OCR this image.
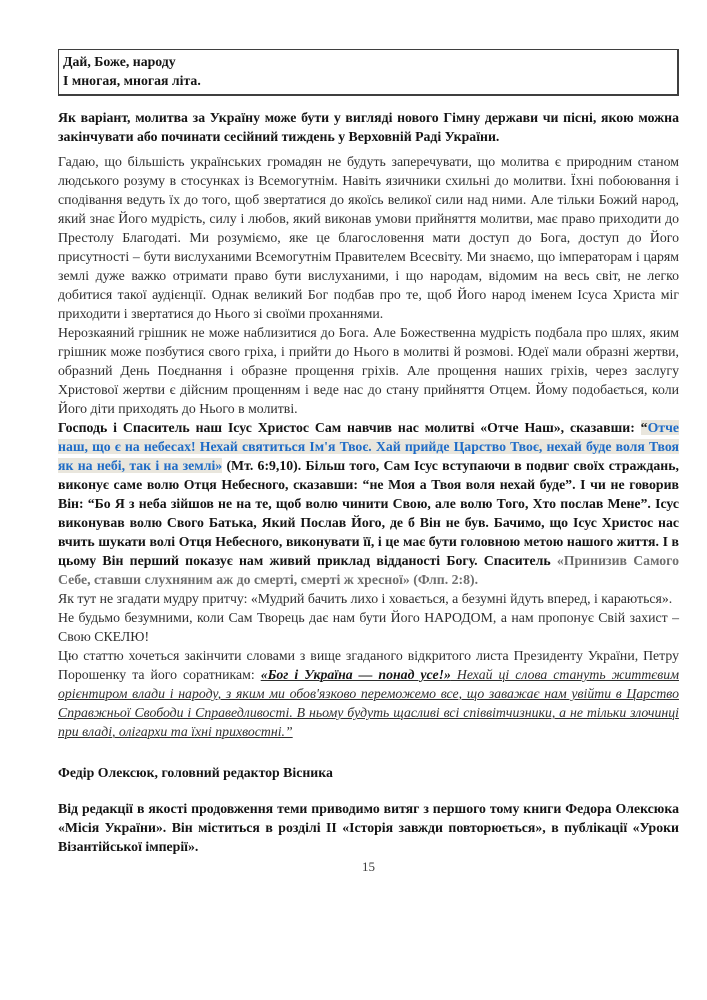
Дай, Боже, народу
І многая, многая літа.

Як варіант, молитва за Україну може бути у вигляді нового Гімну держави чи пісні, якою можна закінчувати або починати сесійний тиждень у Верховній Раді України.

Гадаю, що більшість українських громадян не будуть заперечувати, що молитва є природним станом людського розуму в стосунках із Всемогутнім. Навіть язичники схильні до молитви. Їхні побоювання і сподівання ведуть їх до того, щоб звертатися до якоїсь великої сили над ними. Але тільки Божий народ, який знає Його мудрість, силу і любов, який виконав умови прийняття молитви, має право приходити до Престолу Благодаті. Ми розуміємо, яке це благословення мати доступ до Бога, доступ до Його присутності – бути вислуханими Всемогутнім Правителем Всесвіту. Ми знаємо, що імператорам і царям землі дуже важко отримати право бути вислуханими, і що народам, відомим на весь світ, не легко добитися такої аудієнції. Однак великий Бог подбав про те, щоб Його народ іменем Ісуса Христа міг приходити і звертатися до Нього зі своїми проханнями.

Нерозкаяний грішник не може наблизитися до Бога. Але Божественна мудрість подбала про шлях, яким грішник може позбутися свого гріха, і прийти до Нього в молитві й розмові. Юдеї мали образні жертви, образний День Поєднання і образне прощення гріхів. Але прощення наших гріхів, через заслугу Христової жертви є дійсним прощенням і веде нас до стану прийняття Отцем. Йому подобається, коли Його діти приходять до Нього в молитві.

Господь і Спаситель наш Ісус Христос Сам навчив нас молитві «Отче Наш», сказавши: “Отче наш, що є на небесах! Нехай святиться Ім'я Твоє. Хай прийде Царство Твоє, нехай буде воля Твоя як на небі, так і на землі» (Мт. 6:9,10). Більш того, Сам Ісус вступаючи в подвиг своїх страждань, виконує саме волю Отця Небесного, сказавши: “не Моя а Твоя воля нехай буде”. І чи не говорив Він: “Бо Я з неба зійшов не на те, щоб волю чинити Свою, але волю Того, Хто послав Мене”. Ісус виконував волю Свого Батька, Який Послав Його, де б Він не був. Бачимо, що Ісус Христос нас вчить шукати волі Отця Небесного, виконувати її, і це має бути головною метою нашого життя. І в цьому Він перший показує нам живий приклад відданості Богу. Спаситель «Принизив Самого Себе, ставши слухняним аж до смерті, смерті ж хресної» (Флп. 2:8).

Як тут не згадати мудру притчу: «Мудрий бачить лихо і ховається, а безумні йдуть вперед, і караються».

Не будьмо безумними, коли Сам Творець дає нам бути Його НАРОДОМ, а нам пропонує Свій захист – Свою СКЕЛЮ!

Цю статтю хочеться закінчити словами з вище згаданого відкритого листа Президенту України, Петру Порошенку та його соратникам: «Бог і Україна — понад усе!» Нехай ці слова стануть життєвим орієнтиром влади і народу, з яким ми обов'язково переможемо все, що заважає нам увійти в Царство Справжньої Свободи і Справедливості. В ньому будуть щасливі всі співвітчизники, а не тільки злочинці при владі, олігархи та їхні прихвостні.”

Федір Олексюк, головний редактор Вісника

Від редакції в якості продовження теми приводимо витяг з першого тому книги Федора Олексюка «Місія України». Він міститься в розділі ІІ «Історія завжди повторюється», в публікації «Уроки Візантійської імперії».

15
